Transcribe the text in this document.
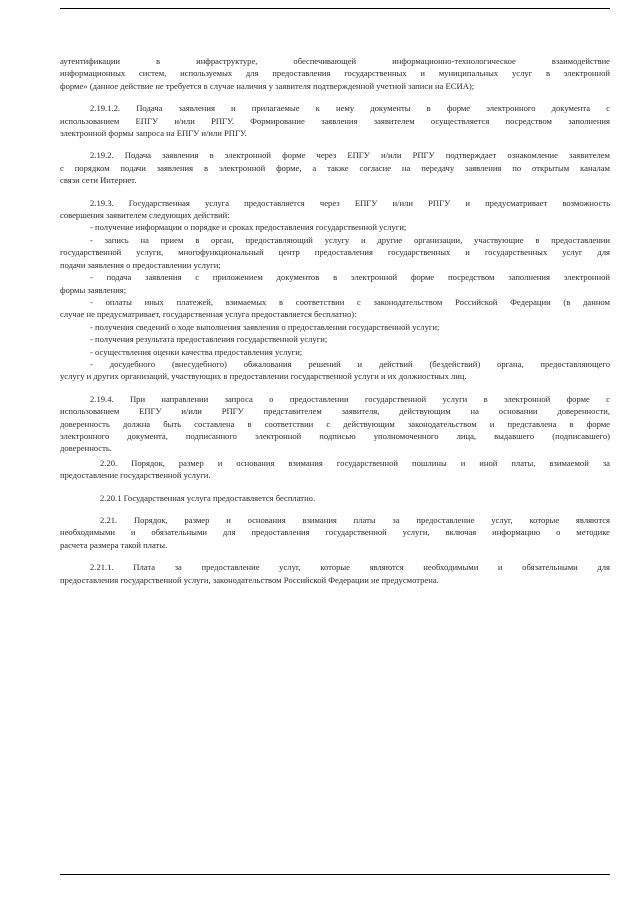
аутентификации в инфраструктуре, обеспечивающей информационно-технологическое взаимодействие
информационных систем, используемых для предоставления государственных и муниципальных услуг в электронной
форме» (данное действие не требуется в случае наличия у заявителя подтвержденной учетной записи на ЕСИА);
2.19.1.2. Подача заявления и прилагаемые к нему документы в форме электронного документа с
использованием ЕПГУ и/или РПГУ. Формирование заявления заявителем осуществляется посредством заполнения
электронной формы запроса на ЕПГУ и/или РПГУ.
2.19.2. Подача заявления в электронной форме через ЕПГУ и/или РПГУ подтверждает ознакомление заявителем
с порядком подачи заявления в электронной форме, а также согласие на передачу заявления по открытым каналам
связи сети Интернет.
2.19.3. Государственная услуга предоставляется через ЕПГУ и/или РПГУ и предусматривает возможность
совершения заявителем следующих действий:
- получение информации о порядке и сроках предоставления государственной услуги;
- запись на прием в орган, предоставляющий услугу и другие организации, участвующие в предоставлении
государственной услуги, многофункциональный центр предоставления государственных и государственных услуг для
подачи заявления о предоставлении услуги;
- подача заявления с приложением документов в электронной форме посредством заполнения электронной
формы заявления;
- оплаты иных платежей, взимаемых в соответствии с законодательством Российской Федерации (в данном
случае не предусматривает, государственная услуга предоставляется бесплатно):
- получения сведений о ходе выполнения заявления о предоставлении государственной услуги;
- получения результата предоставления государственной услуги;
- осуществления оценки качества предоставления услуги;
- досудебного (внесудебного) обжалования решений и действий (бездействий) органа, предоставляющего
услугу и других организаций, участвующих в предоставлении государственной услуги и их должностных лиц.
2.19.4. При направлении запроса о предоставлении государственной услуги в электронной форме с
использованием ЕПГУ и/или РПГУ представителем заявителя, действующим на основании доверенности,
доверенность должна быть составлена в соответствии с действующим законодательством и представлена в форме
электронного документа, подписанного электронной подписью уполномоченного лица, выдавшего (подписавшего)
доверенность.
2.20. Порядок, размер и основания взимания государственной пошлины и иной платы, взимаемой за
предоставление государственной услуги.
2.20.1 Государственная услуга предоставляется бесплатно.
2.21. Порядок, размер и основания взимания платы за предоставление услуг, которые являются
необходимыми и обязательными для предоставления государственной услуги, включая информацию о методике
расчета размера такой платы.
2.21.1. Плата за предоставление услуг, которые являются необходимыми и обязательными для
предоставления государственной услуги, законодательством Российской Федерации не предусмотрена.
